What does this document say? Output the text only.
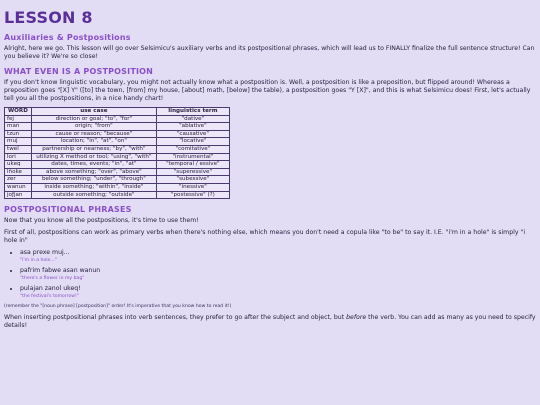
LESSON 8
Auxiliaries & Postpositions

Alright, here we go. This lesson will go over Selsimicu's auxiliary verbs and its postpositional phrases, which will lead us to FINALLY finalize the full sentence structure! Can you believe it? We're so close!

WHAT EVEN IS A POSTPOSITION

If you don't know linguistic vocabulary, you might not actually know what a postposition is. Well, a postposition is like a preposition, but flipped around! Whereas a preposition goes "[X] Y" ([to] the town, [from] my house, [about] math, [below] the table), a postposition goes "Y [X]", and this is what Selsimicu does! First, let's actually tell you all the postpositions, in a nice handy chart!

WORD	use case	linguistics term
fej	direction or goal; "to", "for"	"dative"
man	origin; "from"	"ablative"
tzun	cause or reason; "because"	"causative"
muj	location; "in", "at", "on"	"locative"
twel	partnership or nearness; "by", "with"	"comitative"
lori	utilizing X method or tool; "using", "with"	"instrumental"
ukeq	dates, times, events; "in", "at"	"temporal / essive"
lñoke	above something; "over", "above"	"superessive"
zer	below something; "under", "through"	"subessive"
wanun	inside something; "within", "inside"	"inessive"
joƒjan	outside something; "outside"	"postessive" (?)
POSTPOSITIONAL PHRASES

Now that you know all the postpositions, it's time to use them!

First of all, postpositions can work as primary verbs when there's nothing else, which means you don't need a copula like "to be" to say it. I.E. "i'm in a hole" is simply "i hole in"

• asa prexe muj...
"i'm in a hole..."
• pafrim fabwe asan wanun
"there's a flower in my bag"
• pulajan zanol ukeq!
"the festival's tomorrow!"
(remember the "[noun phrase] [postposition]" order! It's imperative that you know how to read it!)

When inserting postpositional phrases into verb sentences, they prefer to go after the subject and object, but before the verb. You can add as many as you need to specify details!
